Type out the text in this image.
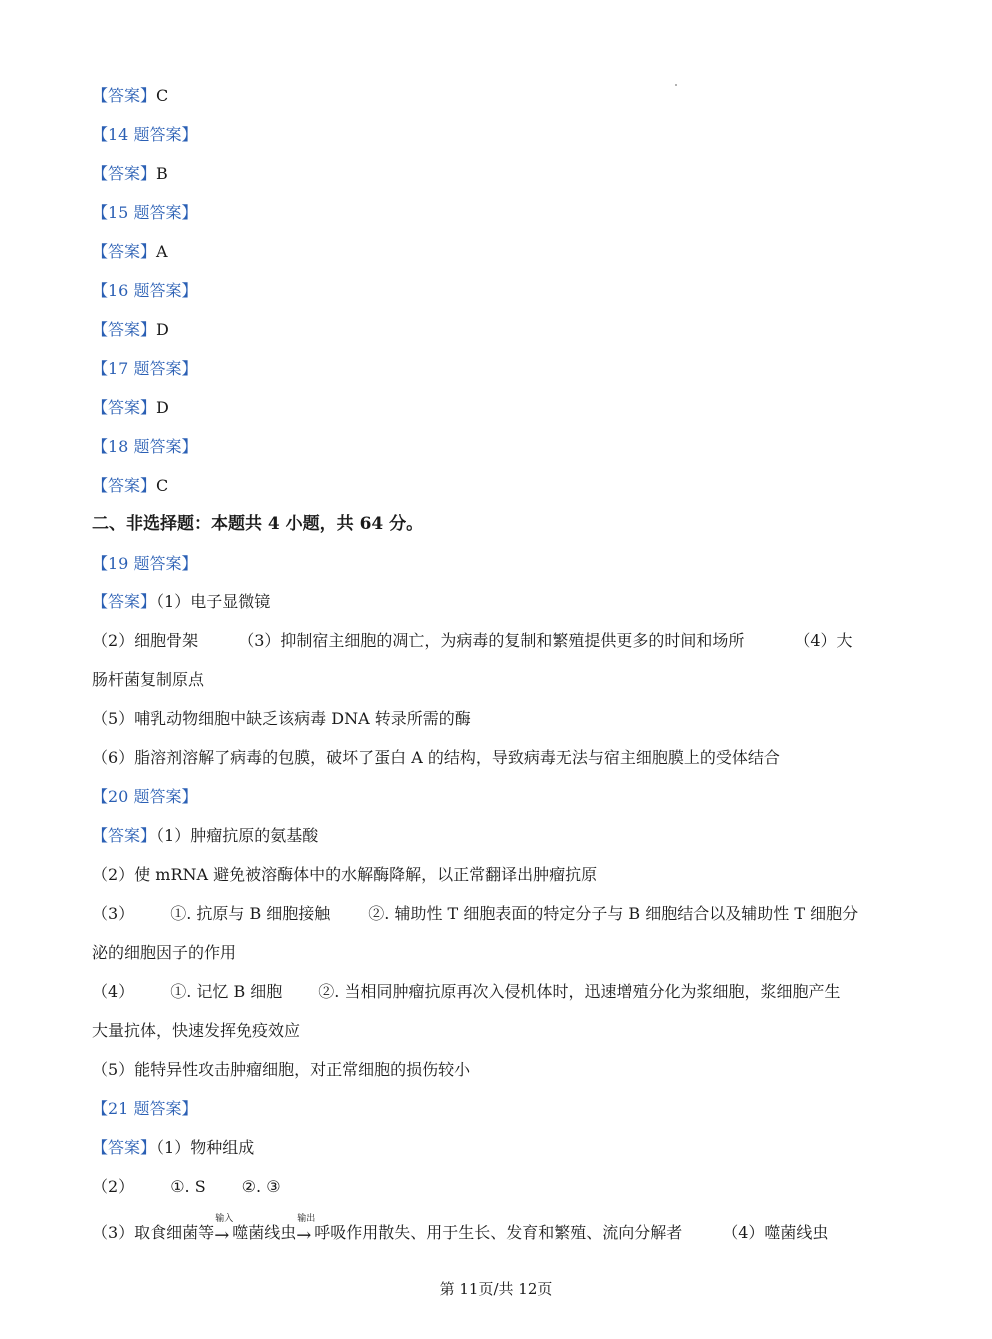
【答案】C
【14 题答案】
【答案】B
【15 题答案】
【答案】A
【16 题答案】
【答案】D
【17 题答案】
【答案】D
【18 题答案】
【答案】C
二、非选择题：本题共 4 小题，共 64 分。
【19 题答案】
【答案】（1）电子显微镜
（2）细胞骨架	（3）抑制宿主细胞的凋亡，为病毒的复制和繁殖提供更多的时间和场所	（4）大
肠杆菌复制原点
（5）哺乳动物细胞中缺乏该病毒 DNA 转录所需的酶
（6）脂溶剂溶解了病毒的包膜，破坏了蛋白 A 的结构，导致病毒无法与宿主细胞膜上的受体结合
【20 题答案】
【答案】（1）肿瘤抗原的氨基酸
（2）使 mRNA 避免被溶酶体中的水解酶降解，以正常翻译出肿瘤抗原
（3） ①. 抗原与 B 细胞接触 ②. 辅助性 T 细胞表面的特定分子与 B 细胞结合以及辅助性 T 细胞分
泌的细胞因子的作用
（4） ①. 记忆 B 细胞 ②. 当相同肿瘤抗原再次入侵机体时，迅速增殖分化为浆细胞，浆细胞产生
大量抗体，快速发挥免疫效应
（5）能特异性攻击肿瘤细胞，对正常细胞的损伤较小
【21 题答案】
【答案】（1）物种组成
（2） ①. S ②. ③
（3）取食细菌等
输入
→ 噬菌线虫
输出
→ 呼吸作用散失、用于生长、发育和繁殖、流向分解者	（4）噬菌线虫
第 11页/共 12页
